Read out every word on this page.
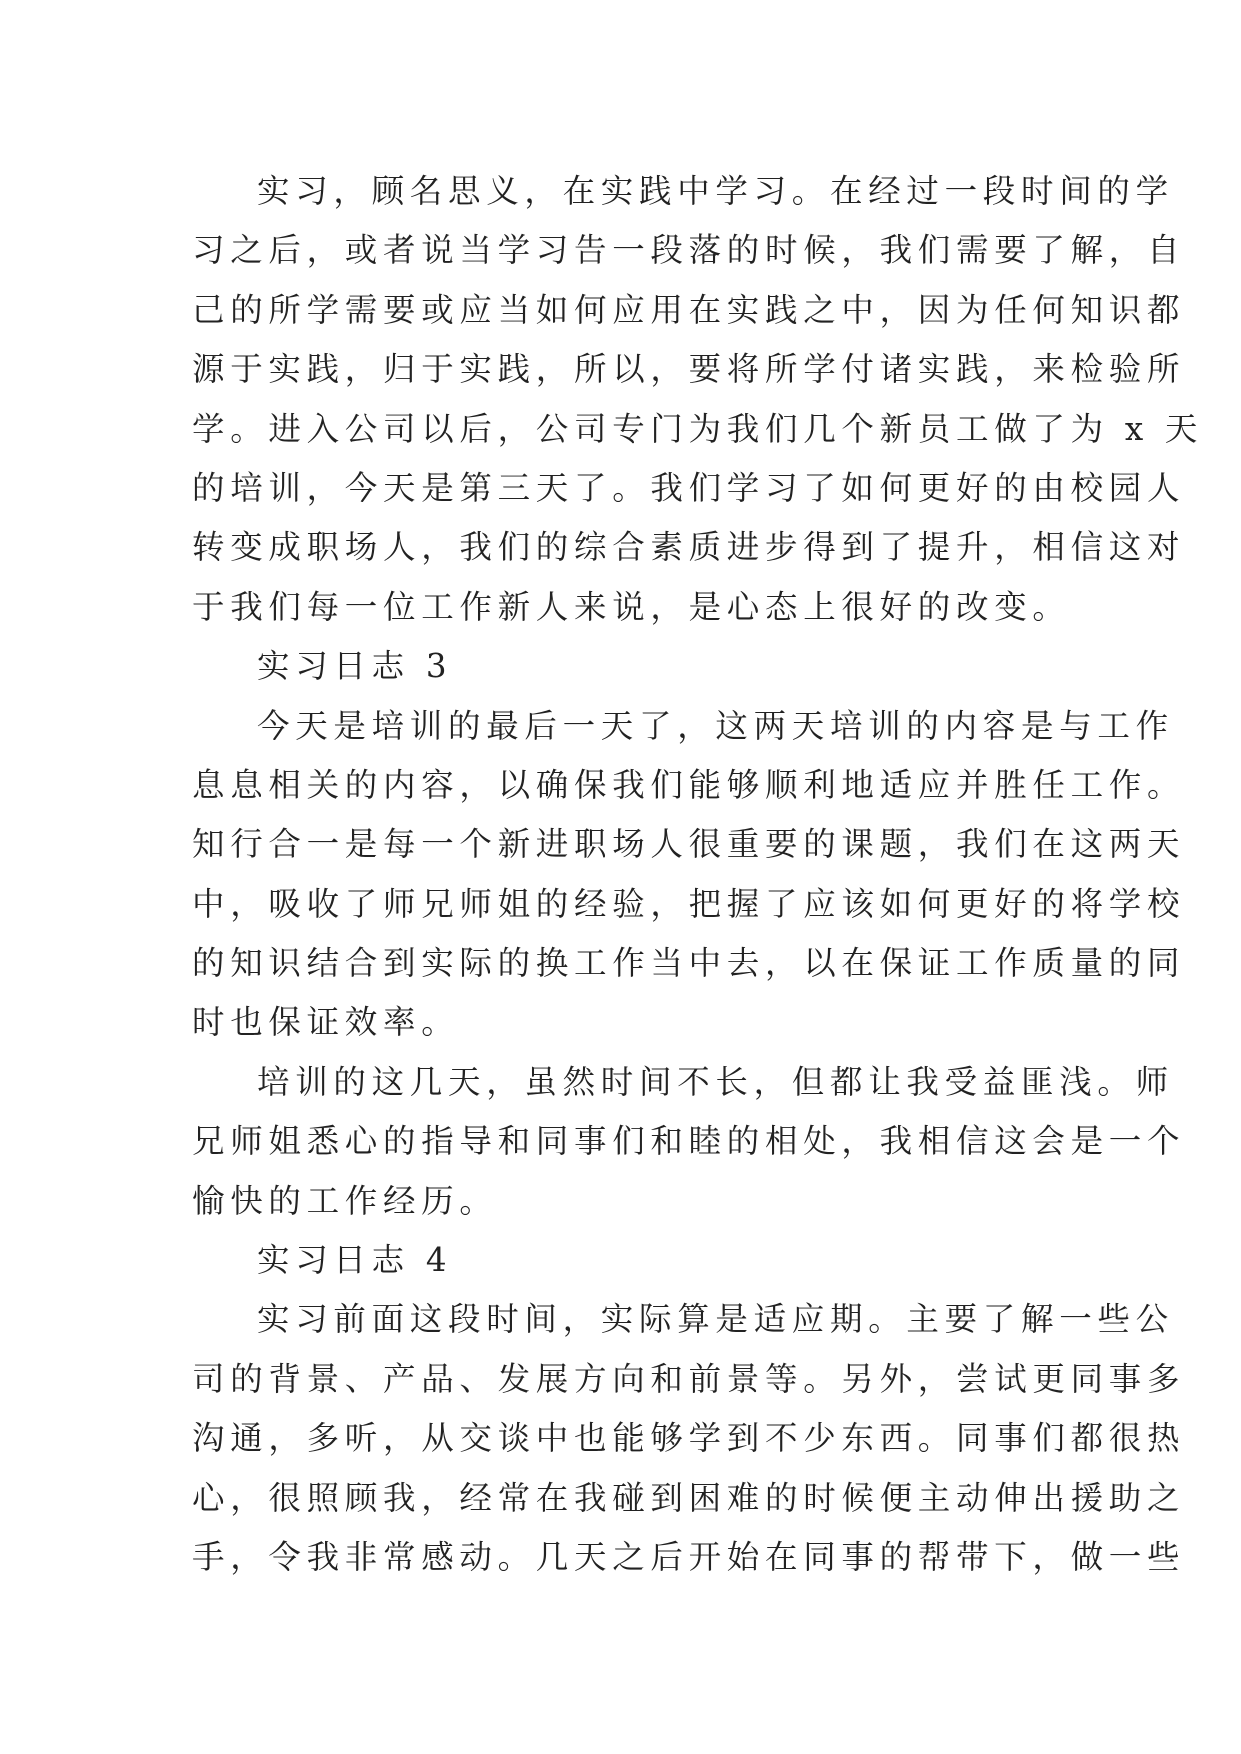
实习，顾名思义，在实践中学习。在经过一段时间的学
习之后，或者说当学习告一段落的时候，我们需要了解，自
己的所学需要或应当如何应用在实践之中，因为任何知识都
源于实践，归于实践，所以，要将所学付诸实践，来检验所
学。进入公司以后，公司专门为我们几个新员工做了为 x 天
的培训，今天是第三天了。我们学习了如何更好的由校园人
转变成职场人，我们的综合素质进步得到了提升，相信这对
于我们每一位工作新人来说，是心态上很好的改变。
实习日志 3
今天是培训的最后一天了，这两天培训的内容是与工作
息息相关的内容，以确保我们能够顺利地适应并胜任工作。
知行合一是每一个新进职场人很重要的课题，我们在这两天
中，吸收了师兄师姐的经验，把握了应该如何更好的将学校
的知识结合到实际的换工作当中去，以在保证工作质量的同
时也保证效率。
培训的这几天，虽然时间不长，但都让我受益匪浅。师
兄师姐悉心的指导和同事们和睦的相处，我相信这会是一个
愉快的工作经历。
实习日志 4
实习前面这段时间，实际算是适应期。主要了解一些公
司的背景、产品、发展方向和前景等。另外，尝试更同事多
沟通，多听，从交谈中也能够学到不少东西。同事们都很热
心，很照顾我，经常在我碰到困难的时候便主动伸出援助之
手，令我非常感动。几天之后开始在同事的帮带下，做一些
